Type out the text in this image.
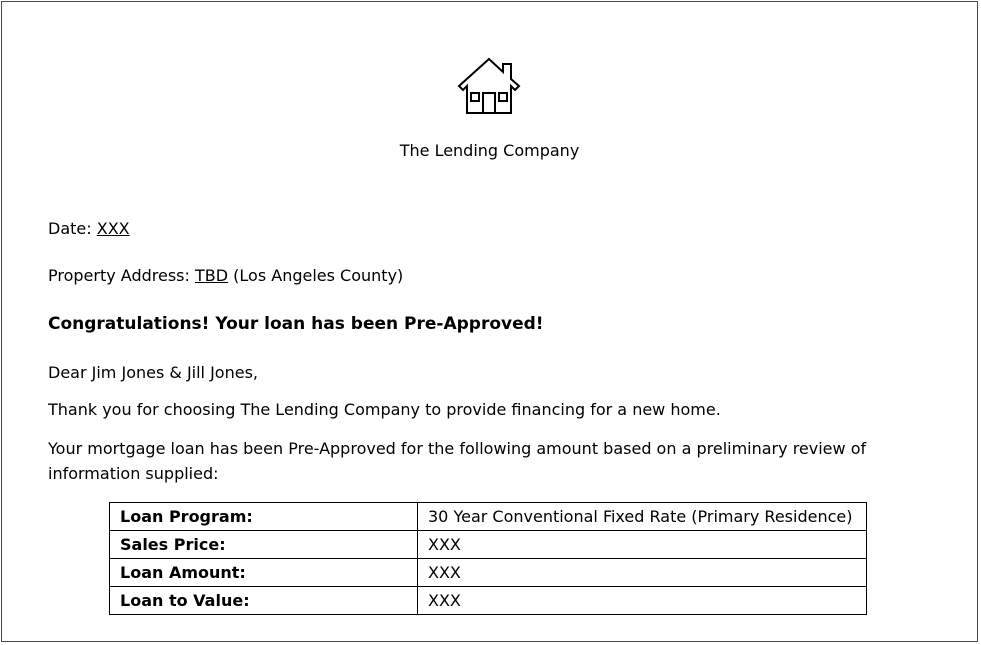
The Lending Company
Date: XXX
Property Address: TBD (Los Angeles County)
Congratulations! Your loan has been Pre-Approved!
Dear Jim Jones & Jill Jones,
Thank you for choosing The Lending Company to provide financing for a new home.
Your mortgage loan has been Pre-Approved for the following amount based on a preliminary review of information supplied:
Loan Program:	30 Year Conventional Fixed Rate (Primary Residence)
Sales Price:	XXX
Loan Amount:	XXX
Loan to Value:	XXX
